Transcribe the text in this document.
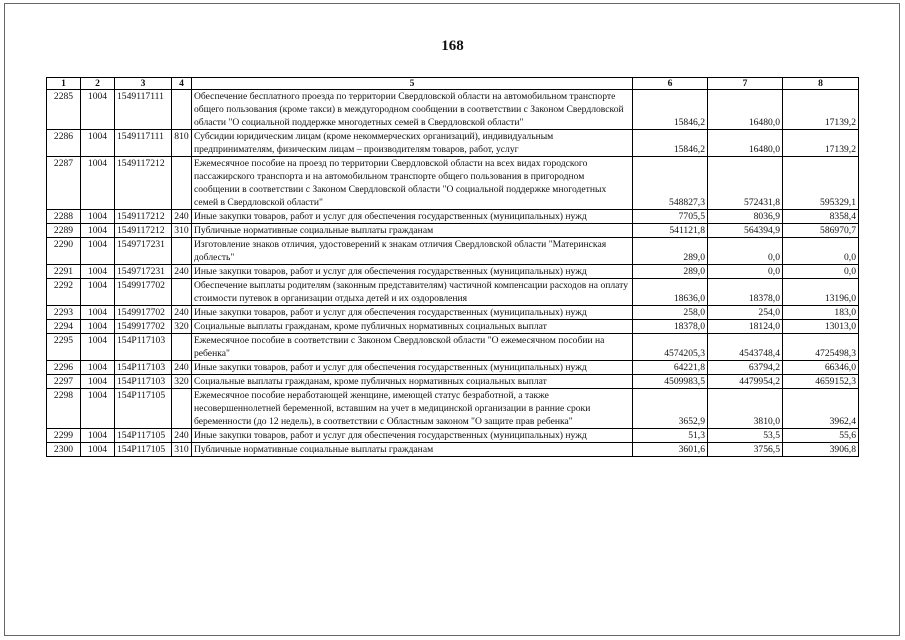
168
1	2	3	4	5	6	7	8
2285	1004	1549117111		Обеспечение бесплатного проезда по территории Свердловской области на автомобильном транспорте общего пользования (кроме такси) в междугородном сообщении в соответствии с Законом Свердловской области "О социальной поддержке многодетных семей в Свердловской области"	15846,2	16480,0	17139,2
2286	1004	1549117111	810	Субсидии юридическим лицам (кроме некоммерческих организаций), индивидуальным предпринимателям, физическим лицам – производителям товаров, работ, услуг	15846,2	16480,0	17139,2
2287	1004	1549117212		Ежемесячное пособие на проезд по территории Свердловской области на всех видах городского пассажирского транспорта и на автомобильном транспорте общего пользования в пригородном сообщении в соответствии с Законом Свердловской области "О социальной поддержке многодетных семей в Свердловской области"	548827,3	572431,8	595329,1
2288	1004	1549117212	240	Иные закупки товаров, работ и услуг для обеспечения государственных (муниципальных) нужд	7705,5	8036,9	8358,4
2289	1004	1549117212	310	Публичные нормативные социальные выплаты гражданам	541121,8	564394,9	586970,7
2290	1004	1549717231		Изготовление знаков отличия, удостоверений к знакам отличия Свердловской области "Материнская доблесть"	289,0	0,0	0,0
2291	1004	1549717231	240	Иные закупки товаров, работ и услуг для обеспечения государственных (муниципальных) нужд	289,0	0,0	0,0
2292	1004	1549917702		Обеспечение выплаты родителям (законным представителям) частичной компенсации расходов на оплату стоимости путевок в организации отдыха детей и их оздоровления	18636,0	18378,0	13196,0
2293	1004	1549917702	240	Иные закупки товаров, работ и услуг для обеспечения государственных (муниципальных) нужд	258,0	254,0	183,0
2294	1004	1549917702	320	Социальные выплаты гражданам, кроме публичных нормативных социальных выплат	18378,0	18124,0	13013,0
2295	1004	154P117103		Ежемесячное пособие в соответствии с Законом Свердловской области "О ежемесячном пособии на ребенка"	4574205,3	4543748,4	4725498,3
2296	1004	154P117103	240	Иные закупки товаров, работ и услуг для обеспечения государственных (муниципальных) нужд	64221,8	63794,2	66346,0
2297	1004	154P117103	320	Социальные выплаты гражданам, кроме публичных нормативных социальных выплат	4509983,5	4479954,2	4659152,3
2298	1004	154P117105		Ежемесячное пособие неработающей женщине, имеющей статус безработной, а также несовершеннолетней беременной, вставшим на учет в медицинской организации в ранние сроки беременности (до 12 недель), в соответствии с Областным законом "О защите прав ребенка"	3652,9	3810,0	3962,4
2299	1004	154P117105	240	Иные закупки товаров, работ и услуг для обеспечения государственных (муниципальных) нужд	51,3	53,5	55,6
2300	1004	154P117105	310	Публичные нормативные социальные выплаты гражданам	3601,6	3756,5	3906,8
